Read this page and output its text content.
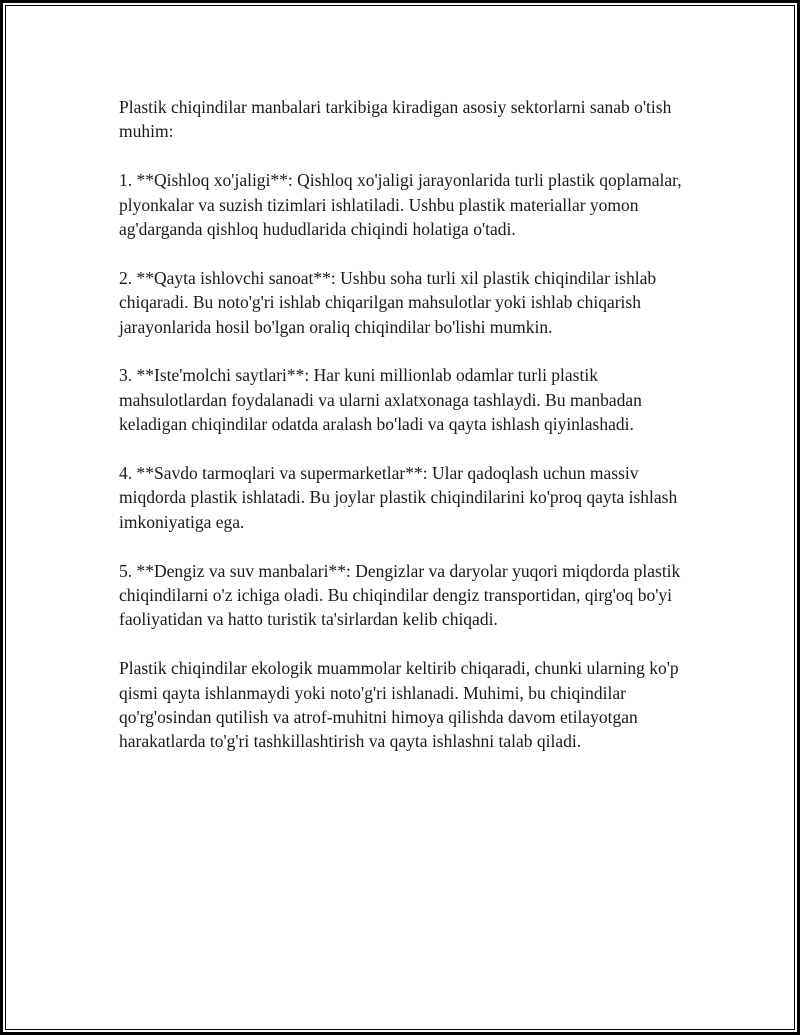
Plastik chiqindilar manbalari tarkibiga kiradigan asosiy sektorlarni sanab o'tish muhim:

1. **Qishloq xo'jaligi**: Qishloq xo'jaligi jarayonlarida turli plastik qoplamalar, plyonkalar va suzish tizimlari ishlatiladi. Ushbu plastik materiallar yomon ag'darganda qishloq hududlarida chiqindi holatiga o'tadi.

2. **Qayta ishlovchi sanoat**: Ushbu soha turli xil plastik chiqindilar ishlab chiqaradi. Bu noto'g'ri ishlab chiqarilgan mahsulotlar yoki ishlab chiqarish jarayonlarida hosil bo'lgan oraliq chiqindilar bo'lishi mumkin.

3. **Iste'molchi saytlari**: Har kuni millionlab odamlar turli plastik mahsulotlardan foydalanadi va ularni axlatxonaga tashlaydi. Bu manbadan keladigan chiqindilar odatda aralash bo'ladi va qayta ishlash qiyinlashadi.

4. **Savdo tarmoqlari va supermarketlar**: Ular qadoqlash uchun massiv miqdorda plastik ishlatadi. Bu joylar plastik chiqindilarini ko'proq qayta ishlash imkoniyatiga ega.

5. **Dengiz va suv manbalari**: Dengizlar va daryolar yuqori miqdorda plastik chiqindilarni o'z ichiga oladi. Bu chiqindilar dengiz transportidan, qirg'oq bo'yi faoliyatidan va hatto turistik ta'sirlardan kelib chiqadi.

Plastik chiqindilar ekologik muammolar keltirib chiqaradi, chunki ularning ko'p qismi qayta ishlanmaydi yoki noto'g'ri ishlanadi. Muhimi, bu chiqindilar qo'rg'osindan qutilish va atrof-muhitni himoya qilishda davom etilayotgan harakatlarda to'g'ri tashkillashtirish va qayta ishlashni talab qiladi.
